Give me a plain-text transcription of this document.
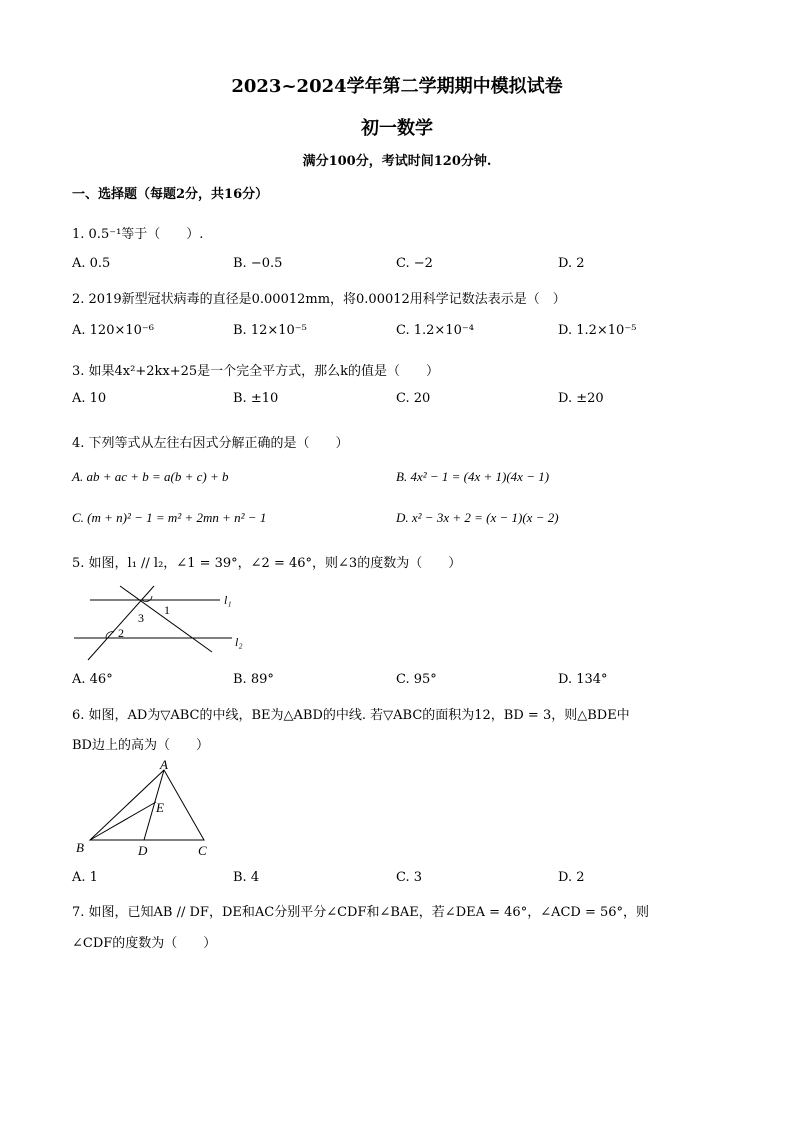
2023~2024学年第二学期期中模拟试卷
初一数学
满分100分，考试时间120分钟.
一、选择题（每题2分，共16分）
1. 0.5⁻¹等于（　　）.
A. 0.5	B. −0.5	C. −2	D. 2
2. 2019新型冠状病毒的直径是0.00012mm，将0.00012用科学记数法表示是（　）
A. 120×10⁻⁶	B. 12×10⁻⁵	C. 1.2×10⁻⁴	D. 1.2×10⁻⁵
3. 如果4x²+2kx+25是一个完全平方式，那么k的值是（　　）
A. 10	B. ±10	C. 20	D. ±20
4. 下列等式从左往右因式分解正确的是（　　）
A. ab + ac + b = a(b + c) + b	B. 4x² − 1 = (4x + 1)(4x − 1)
C. (m + n)² − 1 = m² + 2mn + n² − 1	D. x² − 3x + 2 = (x − 1)(x − 2)
5. 如图，l₁ // l₂，∠1 = 39°，∠2 = 46°，则∠3的度数为（　　）
l₁
l₂
1
2
3
A. 46°	B. 89°	C. 95°	D. 134°
6. 如图，AD为▽ABC的中线，BE为△ABD的中线. 若▽ABC的面积为12，BD = 3，则△BDE中
BD边上的高为（　　）
A
E
B	D	C
A. 1	B. 4	C. 3	D. 2
7. 如图，已知AB // DF，DE和AC分别平分∠CDF和∠BAE，若∠DEA = 46°，∠ACD = 56°，则
∠CDF的度数为（　　）
